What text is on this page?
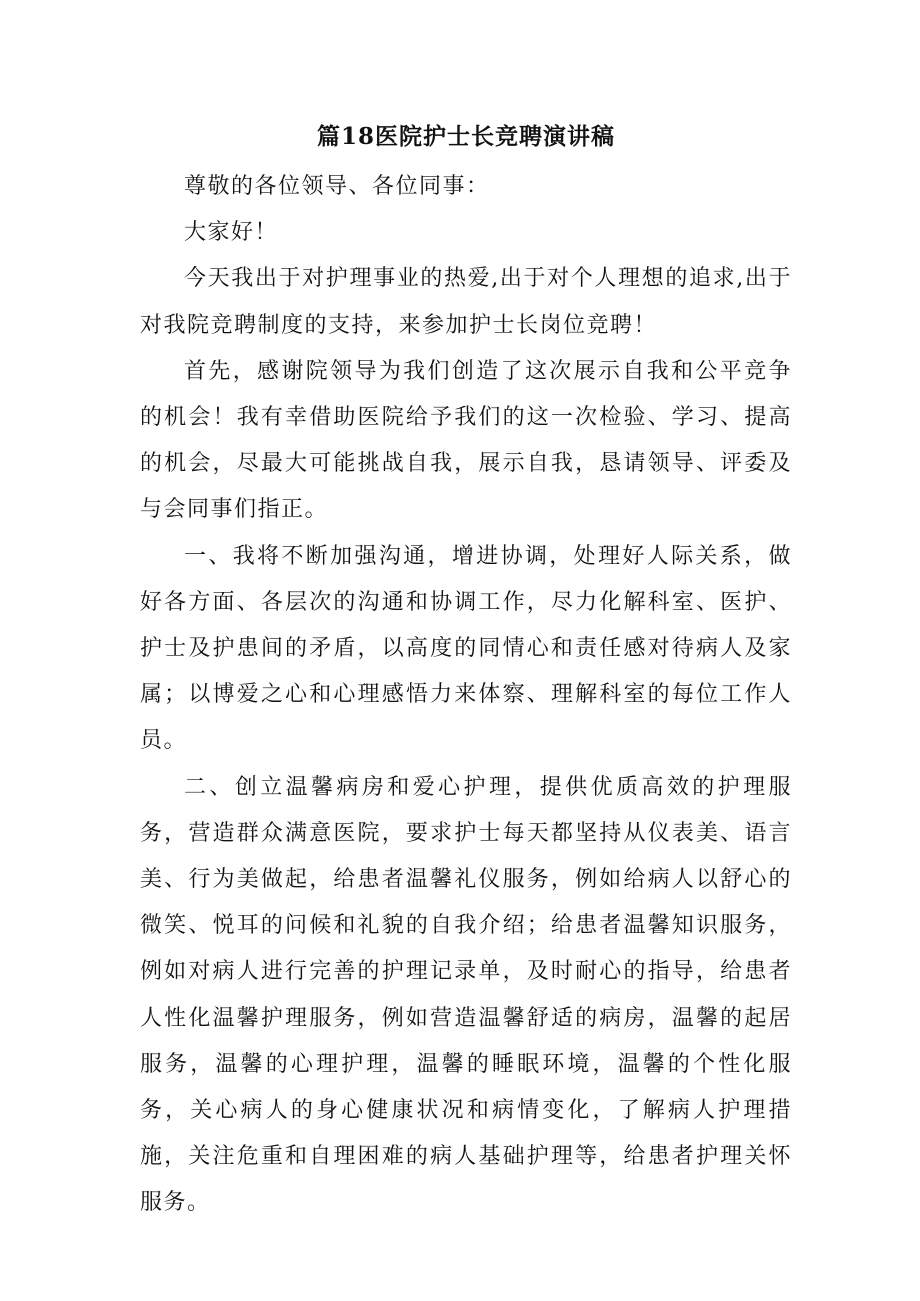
篇18医院护士长竞聘演讲稿

尊敬的各位领导、各位同事：

大家好！

今天我出于对护理事业的热爱,出于对个人理想的追求,出于对我院竞聘制度的支持，来参加护士长岗位竞聘！

首先，感谢院领导为我们创造了这次展示自我和公平竞争的机会！我有幸借助医院给予我们的这一次检验、学习、提高的机会，尽最大可能挑战自我，展示自我，恳请领导、评委及与会同事们指正。

一、我将不断加强沟通，增进协调，处理好人际关系，做好各方面、各层次的沟通和协调工作，尽力化解科室、医护、护士及护患间的矛盾，以高度的同情心和责任感对待病人及家属；以博爱之心和心理感悟力来体察、理解科室的每位工作人员。

二、创立温馨病房和爱心护理，提供优质高效的护理服务，营造群众满意医院，要求护士每天都坚持从仪表美、语言美、行为美做起，给患者温馨礼仪服务，例如给病人以舒心的微笑、悦耳的问候和礼貌的自我介绍；给患者温馨知识服务，例如对病人进行完善的护理记录单，及时耐心的指导，给患者人性化温馨护理服务，例如营造温馨舒适的病房，温馨的起居服务，温馨的心理护理，温馨的睡眠环境，温馨的个性化服务，关心病人的身心健康状况和病情变化，了解病人护理措施，关注危重和自理困难的病人基础护理等，给患者护理关怀服务。
